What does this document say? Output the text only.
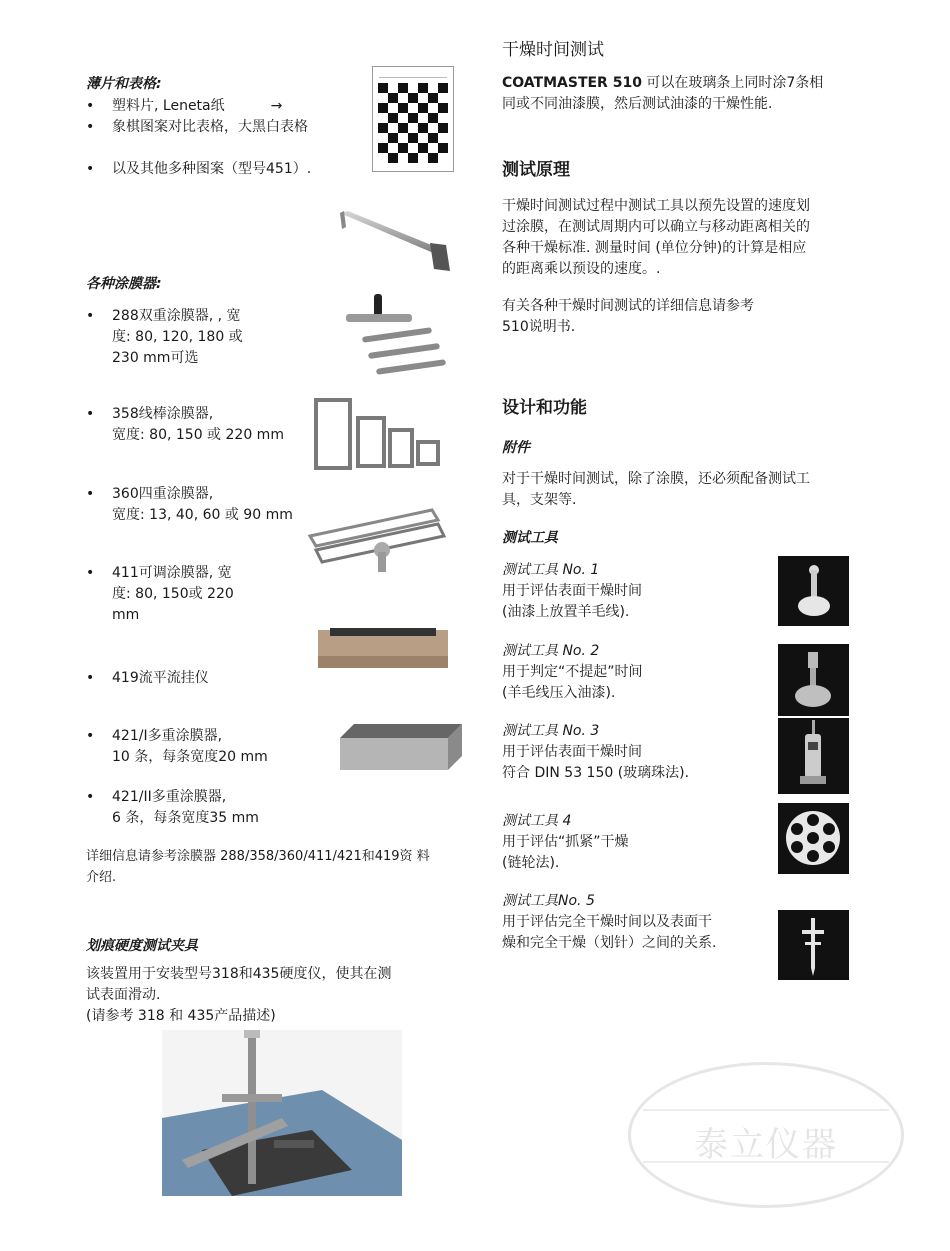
薄片和表格:
•	塑料片, Leneta纸	→
•	象棋图案对比表格，大黑白表格
•	以及其他多种图案（型号451）.
各种涂膜器:
•	288双重涂膜器, , 宽
度: 80, 120, 180 或
230 mm可选
•	358线棒涂膜器,
宽度: 80, 150 或 220 mm
•	360四重涂膜器,
宽度: 13, 40, 60 或 90 mm
•	411可调涂膜器, 宽
度: 80, 150或 220
mm
•	419流平流挂仪
•	421/I多重涂膜器,
10 条，每条宽度20 mm
•	421/II多重涂膜器,
6 条，每条宽度35 mm
详细信息请参考涂膜器 288/358/360/411/421和419资 料
介绍.
划痕硬度测试夹具
该装置用于安装型号318和435硬度仪，使其在测
试表面滑动.
(请参考 318 和 435产品描述)
干燥时间测试
COATMASTER 510 可以在玻璃条上同时涂7条相
同或不同油漆膜，然后测试油漆的干燥性能.
测试原理
干燥时间测试过程中测试工具以预先设置的速度划
过涂膜，在测试周期内可以确立与移动距离相关的
各种干燥标准. 测量时间 (单位分钟)的计算是相应
的距离乘以预设的速度。.
有关各种干燥时间测试的详细信息请参考
510说明书.
设计和功能
附件
对于干燥时间测试，除了涂膜，还必须配备测试工
具，支架等.
测试工具
测试工具 No. 1
用于评估表面干燥时间
(油漆上放置羊毛线).
测试工具 No. 2
用于判定“不提起”时间
(羊毛线压入油漆).
测试工具 No. 3
用于评估表面干燥时间
符合 DIN 53 150 (玻璃珠法).
测试工具 4
用于评估“抓紧”干燥
(链轮法).
测试工具No. 5
用于评估完全干燥时间以及表面干
燥和完全干燥（划针）之间的关系.
泰立仪器
